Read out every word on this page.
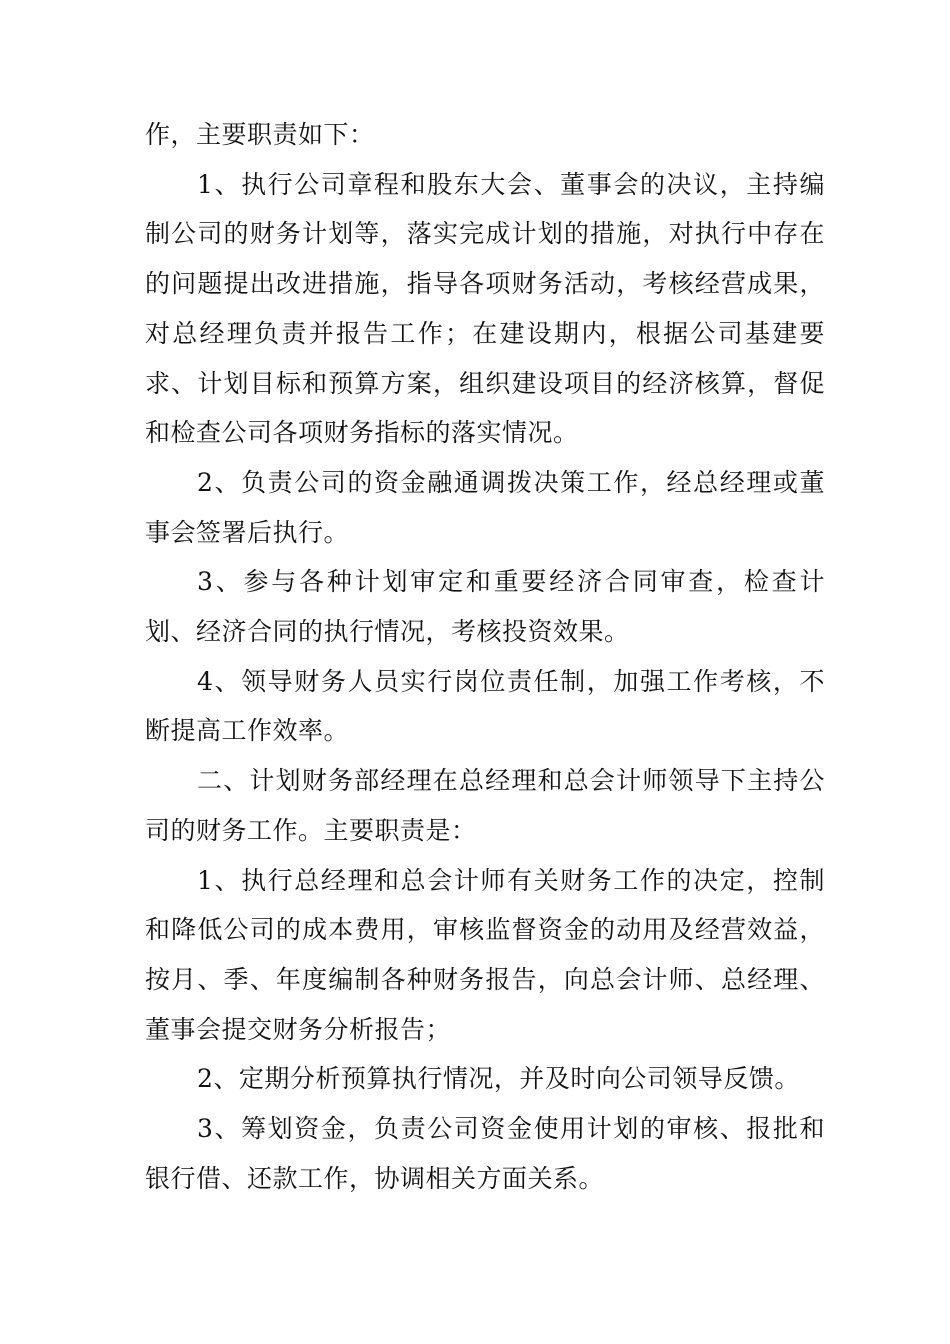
作，主要职责如下：

1、执行公司章程和股东大会、董事会的决议，主持编制公司的财务计划等，落实完成计划的措施，对执行中存在的问题提出改进措施，指导各项财务活动，考核经营成果，对总经理负责并报告工作；在建设期内，根据公司基建要求、计划目标和预算方案，组织建设项目的经济核算，督促和检查公司各项财务指标的落实情况。

2、负责公司的资金融通调拨决策工作，经总经理或董事会签署后执行。

3、参与各种计划审定和重要经济合同审查，检查计划、经济合同的执行情况，考核投资效果。

4、领导财务人员实行岗位责任制，加强工作考核，不断提高工作效率。

二、计划财务部经理在总经理和总会计师领导下主持公司的财务工作。主要职责是：

1、执行总经理和总会计师有关财务工作的决定，控制和降低公司的成本费用，审核监督资金的动用及经营效益，按月、季、年度编制各种财务报告，向总会计师、总经理、董事会提交财务分析报告；

2、定期分析预算执行情况，并及时向公司领导反馈。

3、筹划资金，负责公司资金使用计划的审核、报批和银行借、还款工作，协调相关方面关系。
